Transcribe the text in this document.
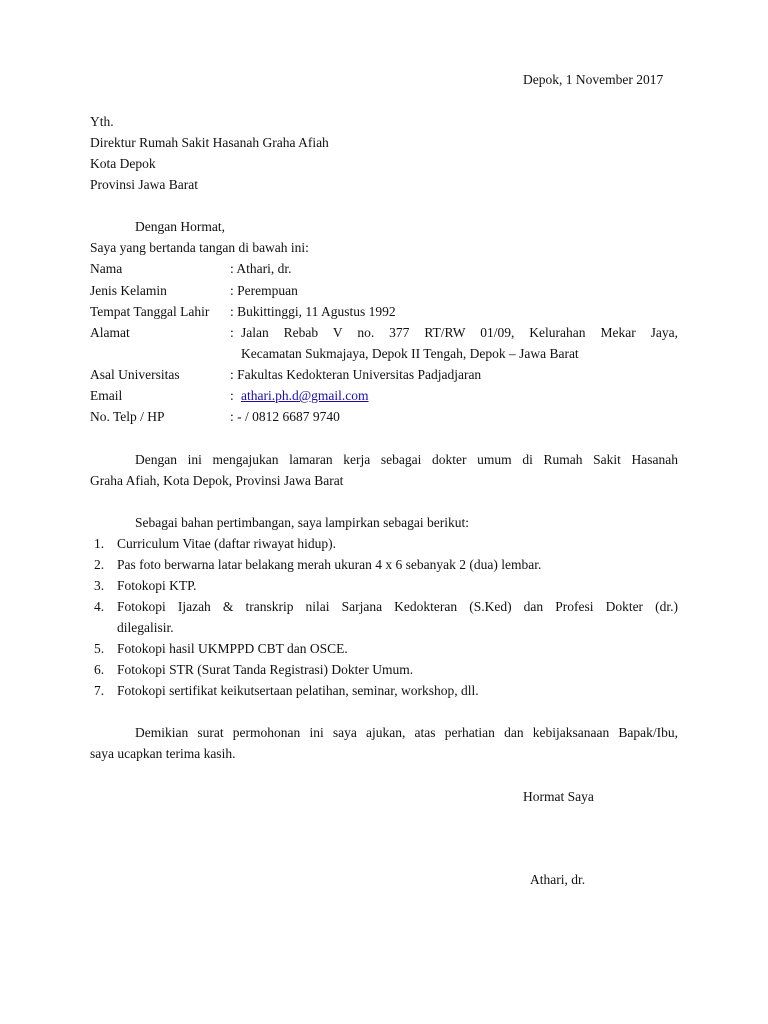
Depok, 1 November 2017
Yth.
Direktur Rumah Sakit Hasanah Graha Afiah
Kota Depok
Provinsi Jawa Barat
Dengan Hormat,
Saya yang bertanda tangan di bawah ini:
Nama	: Athari, dr.
Jenis Kelamin	: Perempuan
Tempat Tanggal Lahir : Bukittinggi, 11 Agustus 1992
Alamat	: Jalan Rebab V no. 377 RT/RW 01/09, Kelurahan Mekar Jaya,
Kecamatan Sukmajaya, Depok II Tengah, Depok – Jawa Barat
Asal Universitas	: Fakultas Kedokteran Universitas Padjadjaran
Email	: athari.ph.d@gmail.com
No. Telp / HP	: - / 0812 6687 9740
Dengan ini mengajukan lamaran kerja sebagai dokter umum di Rumah Sakit Hasanah
Graha Afiah, Kota Depok, Provinsi Jawa Barat
Sebagai bahan pertimbangan, saya lampirkan sebagai berikut:
1. Curriculum Vitae (daftar riwayat hidup).
2. Pas foto berwarna latar belakang merah ukuran 4 x 6 sebanyak 2 (dua) lembar.
3. Fotokopi KTP.
4. Fotokopi Ijazah & transkrip nilai Sarjana Kedokteran (S.Ked) dan Profesi Dokter (dr.)
dilegalisir.
5. Fotokopi hasil UKMPPD CBT dan OSCE.
6. Fotokopi STR (Surat Tanda Registrasi) Dokter Umum.
7. Fotokopi sertifikat keikutsertaan pelatihan, seminar, workshop, dll.
Demikian surat permohonan ini saya ajukan, atas perhatian dan kebijaksanaan Bapak/Ibu,
saya ucapkan terima kasih.
Hormat Saya
Athari, dr.
